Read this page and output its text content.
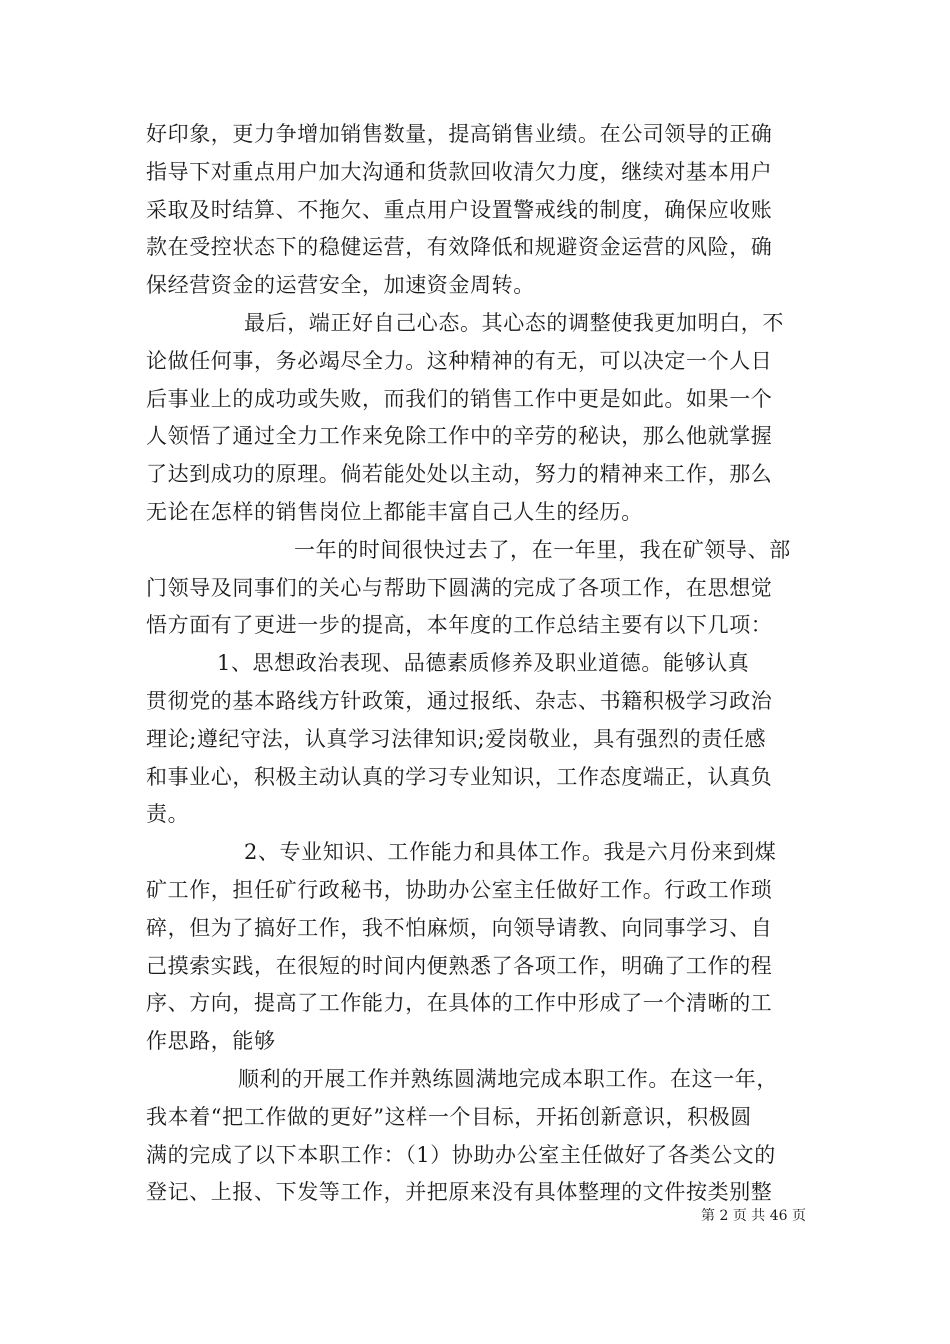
好印象，更力争增加销售数量，提高销售业绩。在公司领导的正确
指导下对重点用户加大沟通和货款回收清欠力度，继续对基本用户
采取及时结算、不拖欠、重点用户设置警戒线的制度，确保应收账
款在受控状态下的稳健运营，有效降低和规避资金运营的风险，确
保经营资金的运营安全，加速资金周转。
最后，端正好自己心态。其心态的调整使我更加明白，不
论做任何事，务必竭尽全力。这种精神的有无，可以决定一个人日
后事业上的成功或失败，而我们的销售工作中更是如此。如果一个
人领悟了通过全力工作来免除工作中的辛劳的秘诀，那么他就掌握
了达到成功的原理。倘若能处处以主动，努力的精神来工作，那么
无论在怎样的销售岗位上都能丰富自己人生的经历。
一年的时间很快过去了，在一年里，我在矿领导、部
门领导及同事们的关心与帮助下圆满的完成了各项工作，在思想觉
悟方面有了更进一步的提高，本年度的工作总结主要有以下几项：
1、思想政治表现、品德素质修养及职业道德。能够认真
贯彻党的基本路线方针政策，通过报纸、杂志、书籍积极学习政治
理论;遵纪守法，认真学习法律知识;爱岗敬业，具有强烈的责任感
和事业心，积极主动认真的学习专业知识，工作态度端正，认真负
责。
2、专业知识、工作能力和具体工作。我是六月份来到煤
矿工作，担任矿行政秘书，协助办公室主任做好工作。行政工作琐
碎，但为了搞好工作，我不怕麻烦，向领导请教、向同事学习、自
己摸索实践，在很短的时间内便熟悉了各项工作，明确了工作的程
序、方向，提高了工作能力，在具体的工作中形成了一个清晰的工
作思路，能够
顺利的开展工作并熟练圆满地完成本职工作。在这一年，
我本着“把工作做的更好”这样一个目标，开拓创新意识，积极圆
满的完成了以下本职工作：（1）协助办公室主任做好了各类公文的
登记、上报、下发等工作，并把原来没有具体整理的文件按类别整
第 2 页 共 46 页
